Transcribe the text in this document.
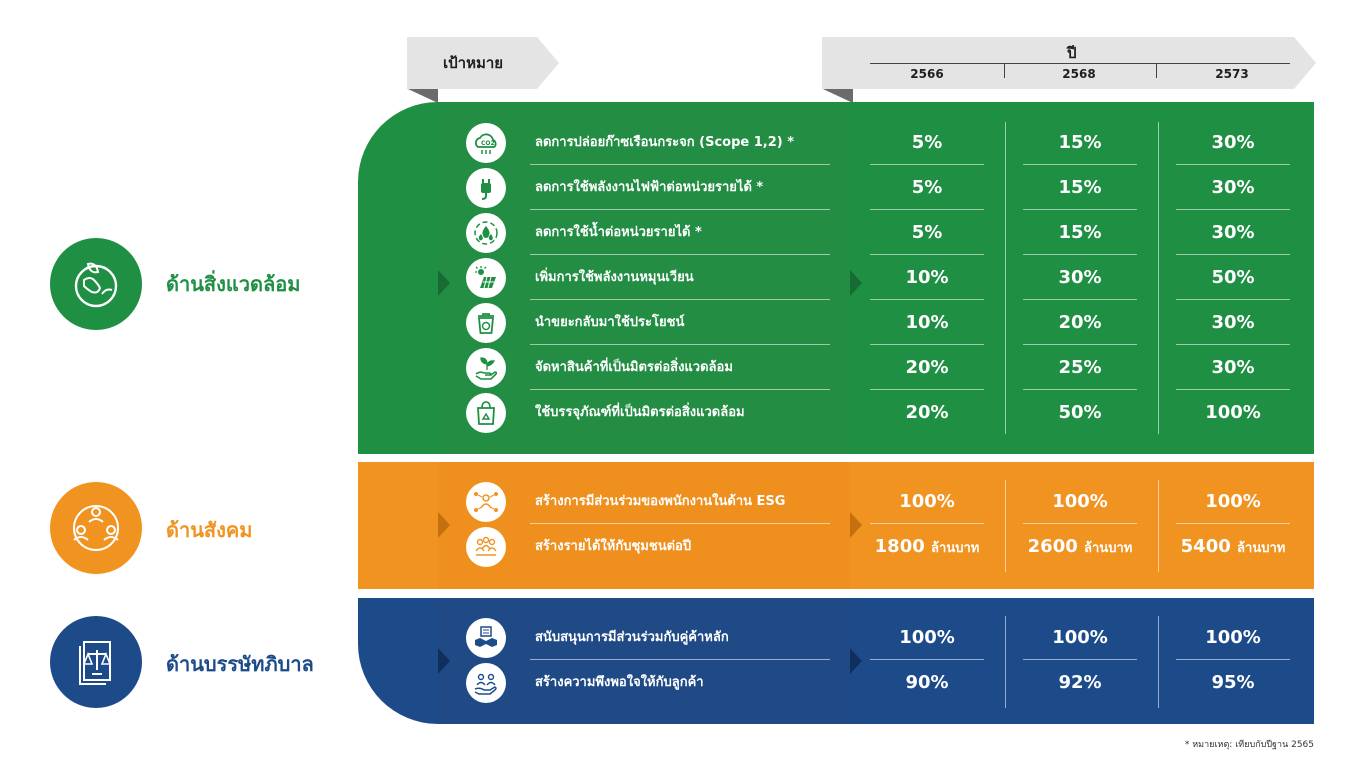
เป้าหมาย
ปี
2566	2568	2573
ด้านสิ่งแวดล้อม
CO2	ลดการปล่อยก๊าซเรือนกระจก (Scope 1,2) *	5%	15%	30%
ลดการใช้พลังงานไฟฟ้าต่อหน่วยรายได้ *	5%	15%	30%
ลดการใช้น้ำต่อหน่วยรายได้ *	5%	15%	30%
เพิ่มการใช้พลังงานหมุนเวียน	10%	30%	50%
นำขยะกลับมาใช้ประโยชน์	10%	20%	30%
จัดหาสินค้าที่เป็นมิตรต่อสิ่งแวดล้อม	20%	25%	30%
ใช้บรรจุภัณฑ์ที่เป็นมิตรต่อสิ่งแวดล้อม	20%	50%	100%
ด้านสังคม
สร้างการมีส่วนร่วมของพนักงานในด้าน ESG	100%	100%	100%
สร้างรายได้ให้กับชุมชนต่อปี	1800 ล้านบาท	2600 ล้านบาท	5400 ล้านบาท
ด้านบรรษัทภิบาล
สนับสนุนการมีส่วนร่วมกับคู่ค้าหลัก	100%	100%	100%
สร้างความพึงพอใจให้กับลูกค้า	90%	92%	95%
* หมายเหตุ: เทียบกับปีฐาน 2565
